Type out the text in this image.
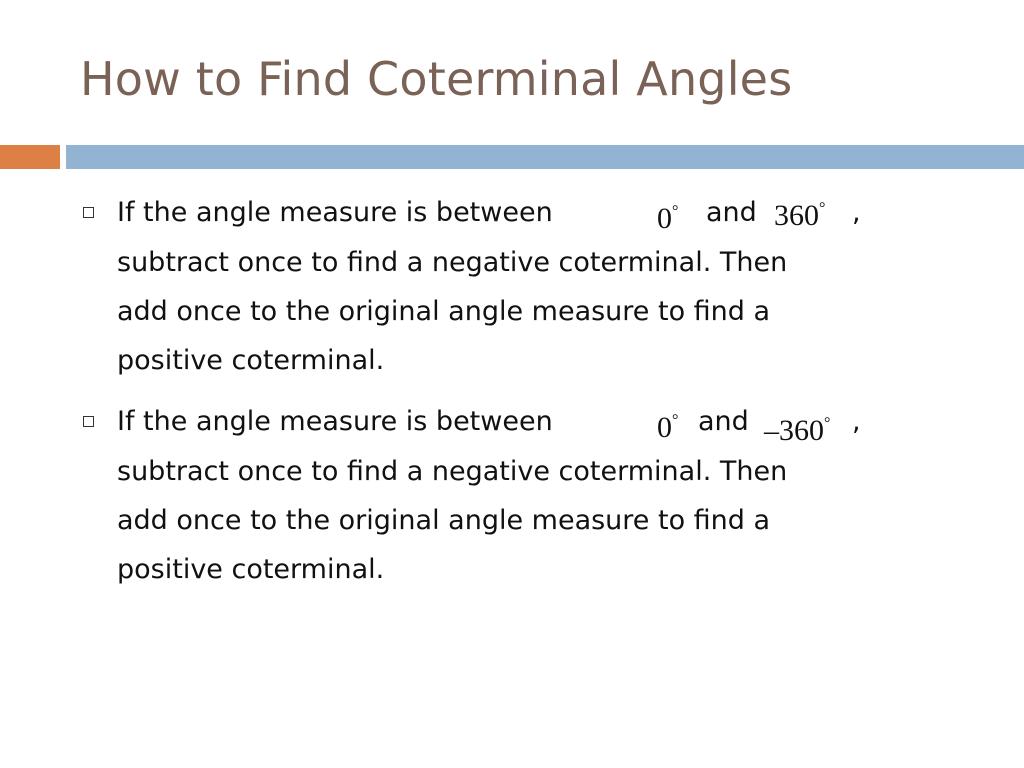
How to Find Coterminal Angles
If the angle measure is between	0° and 360° ,
subtract once to find a negative coterminal. Then
add once to the original angle measure to find a
positive coterminal.
If the angle measure is between	0° and –360° ,
subtract once to find a negative coterminal. Then
add once to the original angle measure to find a
positive coterminal.
